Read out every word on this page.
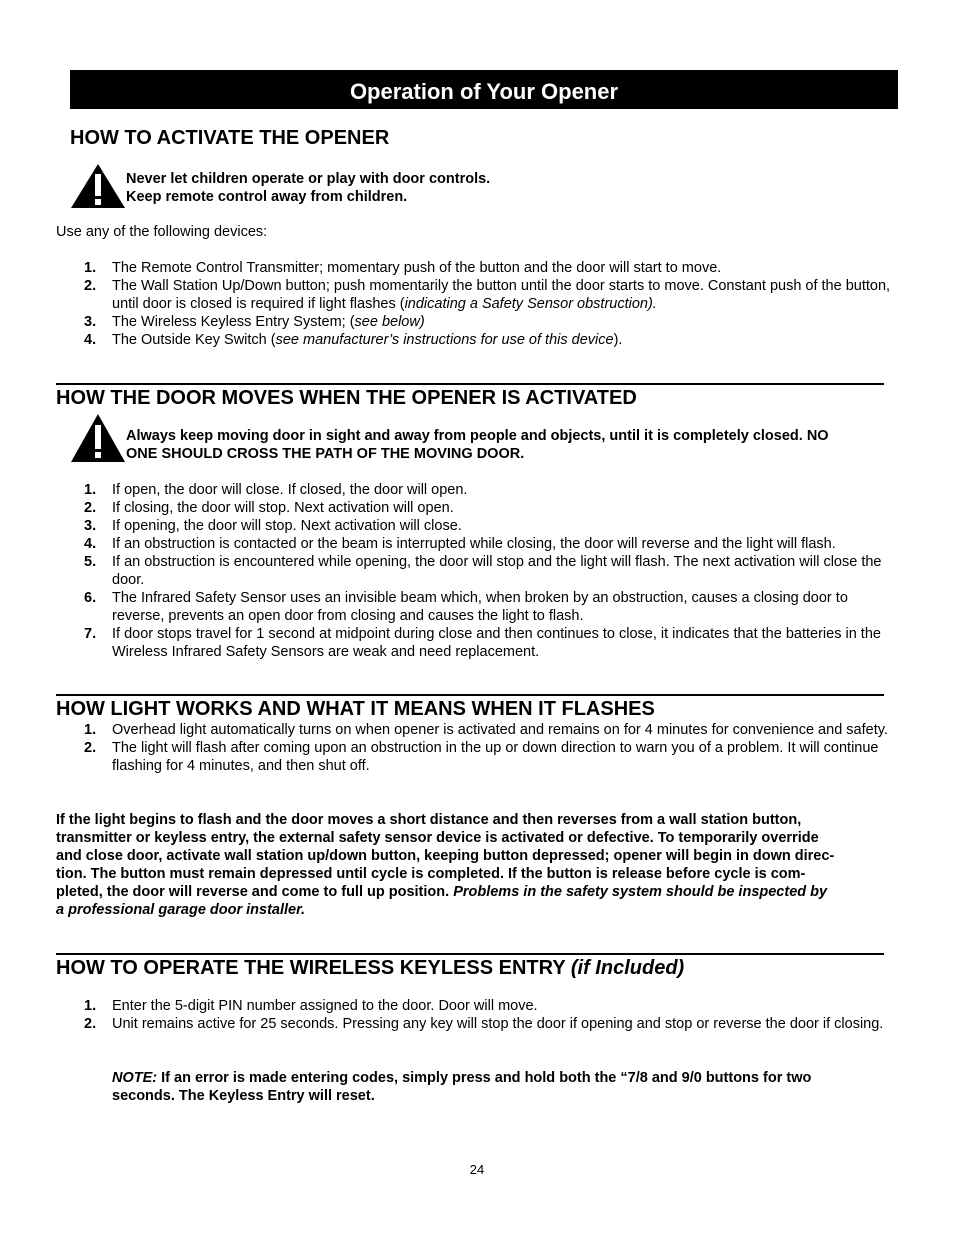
Operation of Your Opener
HOW TO ACTIVATE THE OPENER
Never let children operate or play with door controls.
Keep remote control away from children.
Use any of the following devices:
1. The Remote Control Transmitter; momentary push of the button and the door will start to move.
2. The Wall Station Up/Down button; push momentarily the button until the door starts to move. Constant push of the button, until door is closed is required if light flashes (indicating a Safety Sensor obstruction).
3. The Wireless Keyless Entry System; (see below)
4. The Outside Key Switch (see manufacturer’s instructions for use of this device).
HOW THE DOOR MOVES WHEN THE OPENER IS ACTIVATED
Always keep moving door in sight and away from people and objects, until it is completely closed. NO
ONE SHOULD CROSS THE PATH OF THE MOVING DOOR.
1. If open, the door will close. If closed, the door will open.
2. If closing, the door will stop. Next activation will open.
3. If opening, the door will stop. Next activation will close.
4. If an obstruction is contacted or the beam is interrupted while closing, the door will reverse and the light will flash.
5. If an obstruction is encountered while opening, the door will stop and the light will flash. The next activation will close the door.
6. The Infrared Safety Sensor uses an invisible beam which, when broken by an obstruction, causes a closing door to reverse, prevents an open door from closing and causes the light to flash.
7. If door stops travel for 1 second at midpoint during close and then continues to close, it indicates that the batteries in the Wireless Infrared Safety Sensors are weak and need replacement.
HOW LIGHT WORKS AND WHAT IT MEANS WHEN IT FLASHES
1. Overhead light automatically turns on when opener is activated and remains on for 4 minutes for convenience and safety.
2. The light will flash after coming upon an obstruction in the up or down direction to warn you of a problem. It will continue flashing for 4 minutes, and then shut off.
If the light begins to flash and the door moves a short distance and then reverses from a wall station button,
transmitter or keyless entry, the external safety sensor device is activated or defective. To temporarily override
and close door, activate wall station up/down button, keeping button depressed; opener will begin in down direc-
tion. The button must remain depressed until cycle is completed. If the button is release before cycle is com-
pleted, the door will reverse and come to full up position. Problems in the safety system should be inspected by
a professional garage door installer.
HOW TO OPERATE THE WIRELESS KEYLESS ENTRY (if Included)
1. Enter the 5-digit PIN number assigned to the door. Door will move.
2. Unit remains active for 25 seconds. Pressing any key will stop the door if opening and stop or reverse the door if closing.
NOTE: If an error is made entering codes, simply press and hold both the “7/8 and 9/0 buttons for two
seconds. The Keyless Entry will reset.
24
